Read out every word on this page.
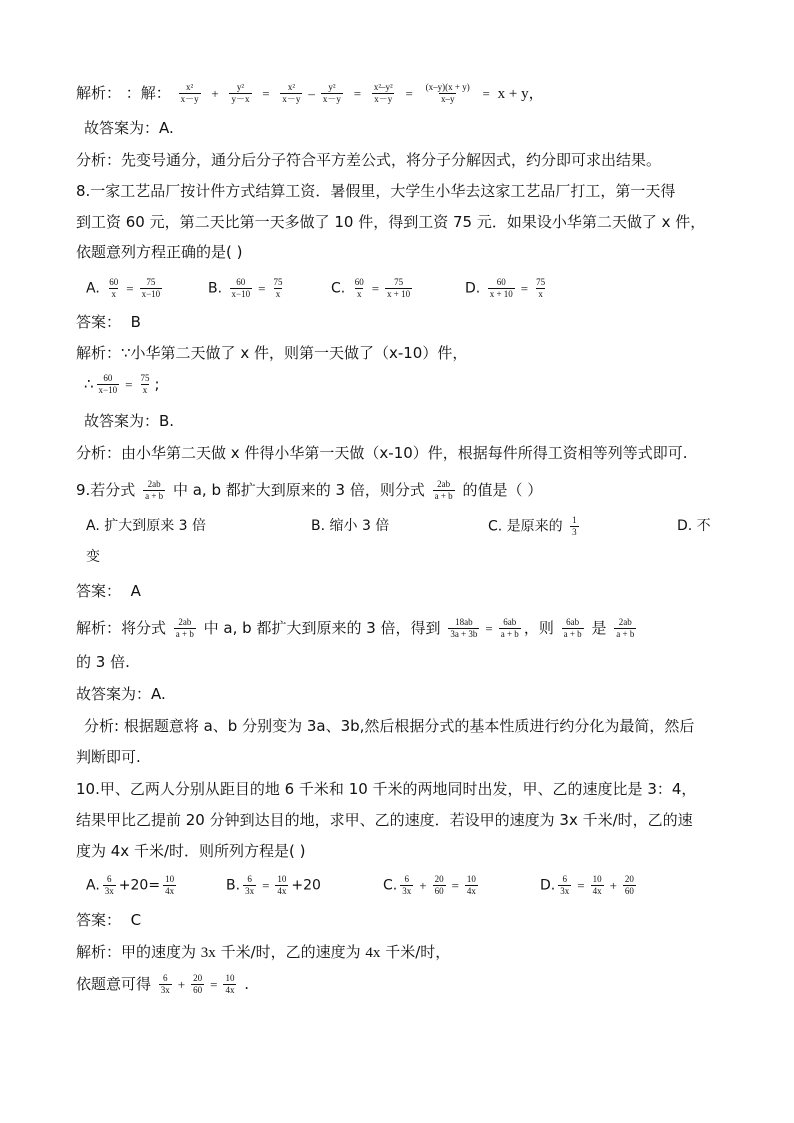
解析： ：解： $\frac{\text{x²}}{x-y} + \frac{\text{y²}}{y-x} = \frac{\text{x²}}{x-y} - \frac{\text{y²}}{x-y} = \frac{\text{x²–y²}}{x-y} = \frac{(x-y)(x + y)}{x-y} = x + y$，
故答案为：A.
分析：先变号通分，通分后分子符合平方差公式，将分子分解因式，约分即可求出结果。
8.一家工艺品厂按计件方式结算工资．暑假里，大学生小华去这家工艺品厂打工，第一天得
到工资 60 元，第二天比第一天多做了 10 件，得到工资 75 元．如果设小华第二天做了 x 件，
依题意列方程正确的是( )
A. $\frac{60}{x} = \frac{75}{x-10}$	B. $\frac{60}{x-10} = \frac{75}{x}$	C. $\frac{60}{x} = \frac{75}{x + 10}$	D. $\frac{60}{x + 10} = \frac{75}{x}$
答案： B
解析：∵小华第二天做了 x 件，则第一天做了（x-10）件，
∴ $\frac{60}{x-10} = \frac{75}{x}$ ;
故答案为：B.
分析：由小华第二天做 x 件得小华第一天做（x-10）件，根据每件所得工资相等列等式即可.
9.若分式 $\frac{2ab}{a + b}$ 中 a, b 都扩大到原来的 3 倍，则分式 $\frac{2ab}{a + b}$ 的值是（ ）
A. 扩大到原来 3 倍	B. 缩小 3 倍	C. 是原来的 $\frac{1}{3}$	D. 不
变
答案： A
解析：将分式 $\frac{2ab}{a + b}$ 中 a, b 都扩大到原来的 3 倍，得到 $\frac{18ab}{3a + 3b} = \frac{6ab}{a + b}$ ，则 $\frac{6ab}{a + b}$ 是 $\frac{2ab}{a + b}$
的 3 倍.
故答案为：A.
分析: 根据题意将 a、b 分别变为 3a、3b,然后根据分式的基本性质进行约分化为最简，然后
判断即可.
10.甲、乙两人分别从距目的地 6 千米和 10 千米的两地同时出发，甲、乙的速度比是 3：4，
结果甲比乙提前 20 分钟到达目的地，求甲、乙的速度．若设甲的速度为 3x 千米/时，乙的速
度为 4x 千米/时．则所列方程是( )
A. $\frac{6}{3x} +20= \frac{10}{4x}$	B. $\frac{6}{3x} = \frac{10}{4x} +20$	C. $\frac{6}{3x} + \frac{20}{60} = \frac{10}{4x}$	D. $\frac{6}{3x} = \frac{10}{4x} + \frac{20}{60}$
答案： C
解析：甲的速度为 3x 千米/时，乙的速度为 4x 千米/时，
依题意可得 $\frac{6}{3x} + \frac{20}{60} = \frac{10}{4x}$ .
